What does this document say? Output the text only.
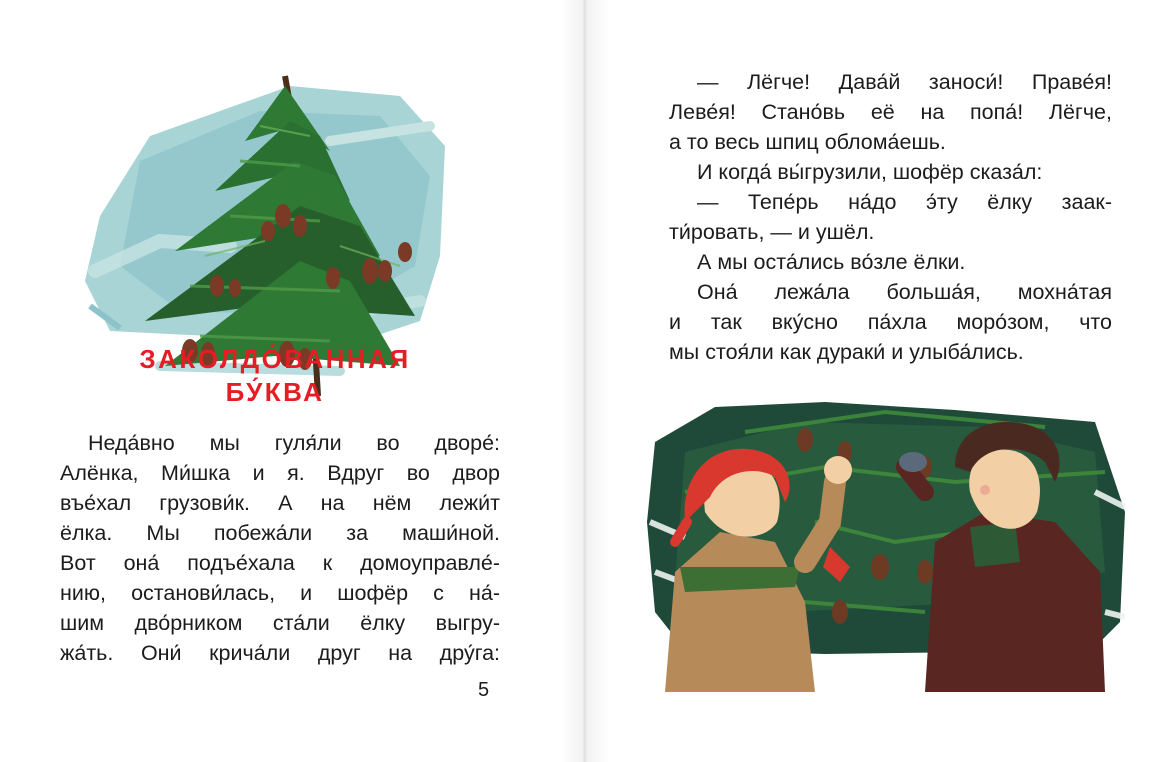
ЗАКОЛДО́ВАННАЯ
БУ́КВА
Неда́вно мы гуля́ли во дворе́:
Алёнка, Ми́шка и я. Вдруг во двор
въе́хал грузови́к. А на нём лежи́т
ёлка. Мы побежа́ли за маши́ной.
Вот она́ подъе́хала к домоуправле́-
нию, останови́лась, и шофёр с на́-
шим дво́рником ста́ли ёлку выгру-
жа́ть. Они́ крича́ли друг на дру́га:
5
— Лёгче! Дава́й заноси́! Праве́я!
Леве́я! Стано́вь её на попа́! Лёгче,
а то весь шпиц облома́ешь.
И когда́ вы́грузили, шофёр сказа́л:
— Тепе́рь на́до э́ту ёлку заак-
ти́ровать, — и ушёл.
А мы оста́лись во́зле ёлки.
Она́ лежа́ла больша́я, мохна́тая
и так вку́сно па́хла моро́зом, что
мы стоя́ли как дураки́ и улыба́лись.
